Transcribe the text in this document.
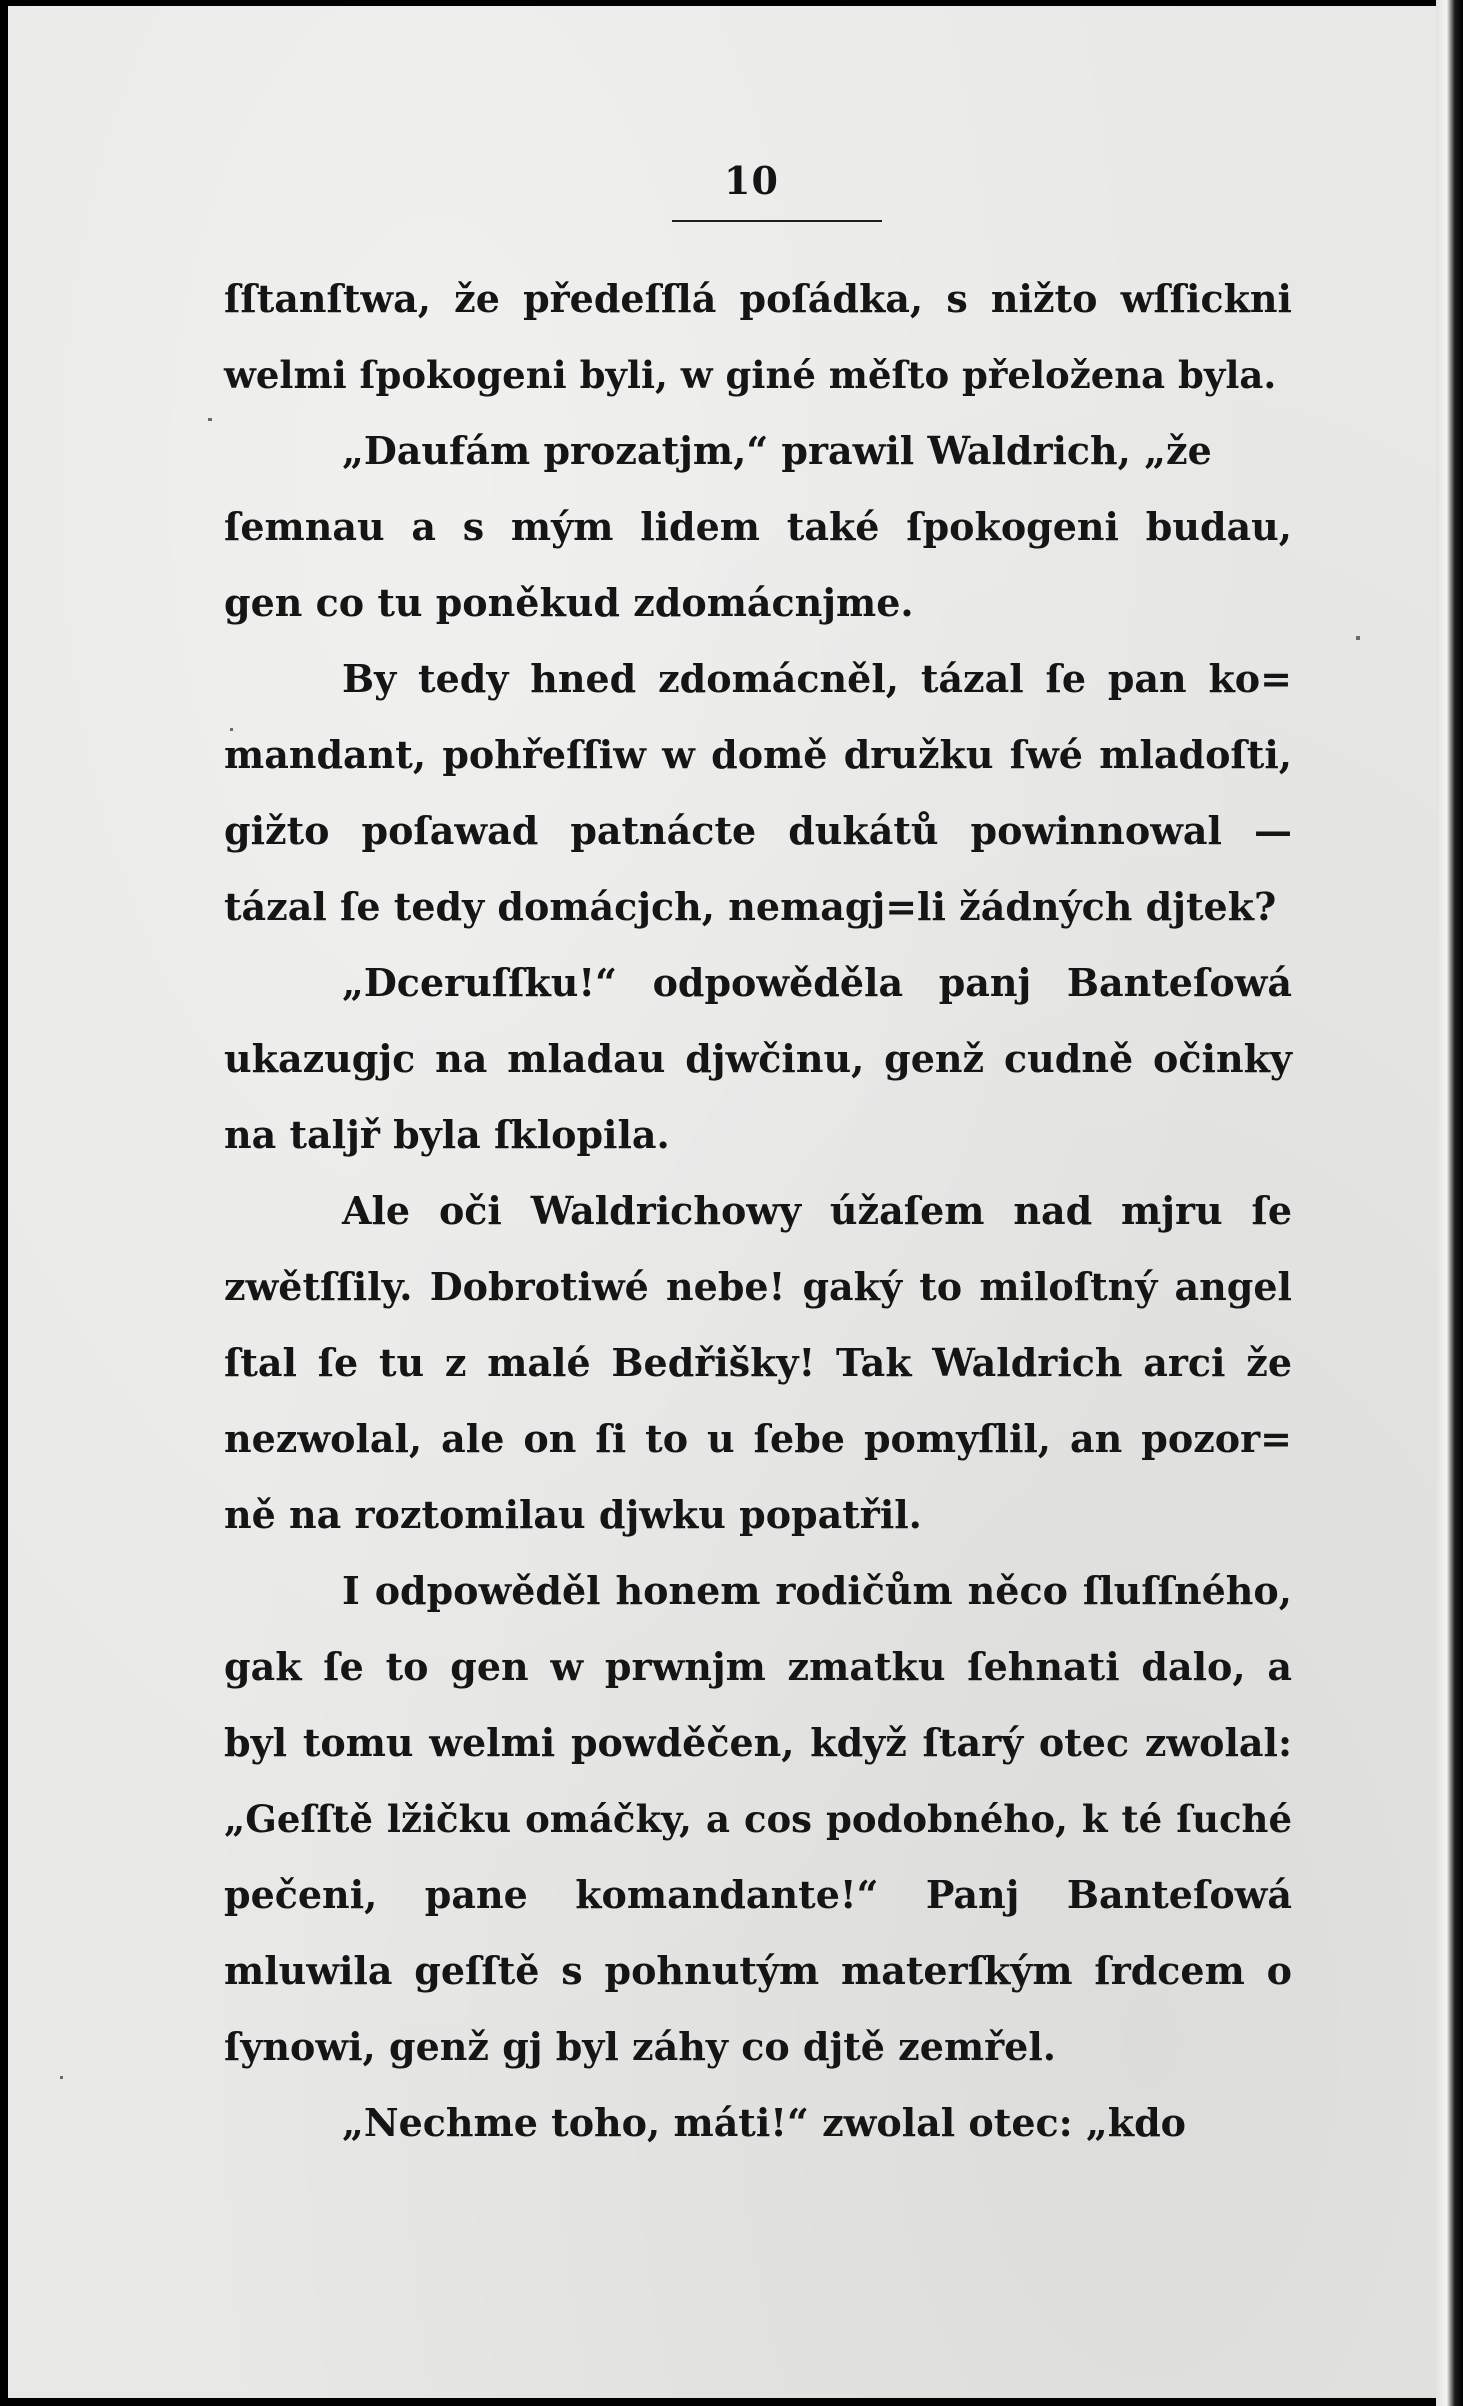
10
ſſtanſtwa, že předeſſlá poſádka, s nižto wſſickni
welmi ſpokogeni byli, w giné měſto přeložena byla.
„Daufám prozatjm,“ prawil Waldrich, „že
ſemnau a s mým lidem také ſpokogeni budau,
gen co tu poněkud zdomácnjme.
By tedy hned zdomácněl, tázal ſe pan ko=
mandant, pohřeſſiw w domě družku ſwé mladoſti,
gižto poſawad patnácte dukátů powinnowal —
tázal ſe tedy domácjch, nemagj=li žádných djtek?
„Dceruſſku!“ odpowěděla panj Banteſowá
ukazugjc na mladau djwčinu, genž cudně očinky
na taljř byla ſklopila.
Ale oči Waldrichowy úžaſem nad mjru ſe
zwětſſily. Dobrotiwé nebe! gaký to miloſtný angel
ſtal ſe tu z malé Bedřišky! Tak Waldrich arci že
nezwolal, ale on ſi to u ſebe pomyſlil, an pozor=
ně na roztomilau djwku popatřil.
I odpowěděl honem rodičům něco ſluſſného,
gak ſe to gen w prwnjm zmatku ſehnati dalo, a
byl tomu welmi powděčen, když ſtarý otec zwolal:
„Geſſtě lžičku omáčky, a cos podobného, k té ſuché
pečeni, pane komandante!“ Panj Banteſowá
mluwila geſſtě s pohnutým materſkým ſrdcem o
ſynowi, genž gj byl záhy co djtě zemřel.
„Nechme toho, máti!“ zwolal otec: „kdo
